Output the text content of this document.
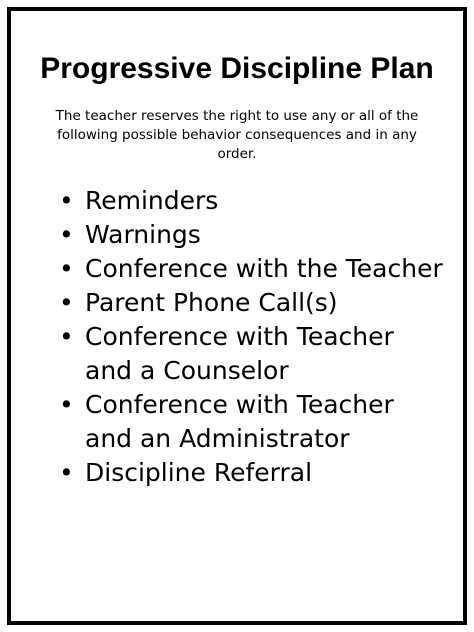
Progressive Discipline Plan

The teacher reserves the right to use any or all of the following possible behavior consequences and in any order.

• Reminders
• Warnings
• Conference with the Teacher
• Parent Phone Call(s)
• Conference with Teacher and a Counselor
• Conference with Teacher and an Administrator
• Discipline Referral
